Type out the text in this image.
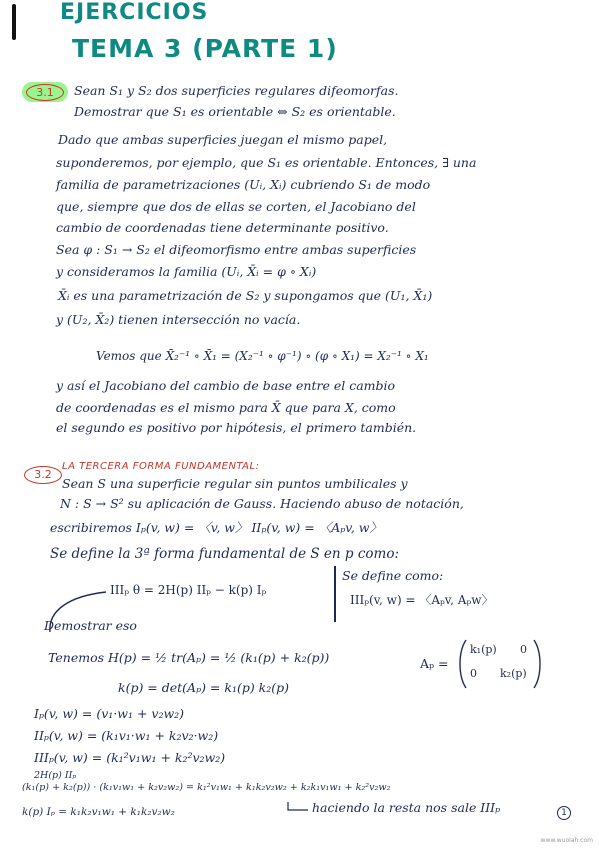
EJERCICIOS
TEMA 3 (PARTE 1)
3.1	Sean S₁ y S₂ dos superficies regulares difeomorfas.
Demostrar que S₁ es orientable ⇔ S₂ es orientable.
Dado que ambas superficies juegan el mismo papel,
suponderemos, por ejemplo, que S₁ es orientable. Entonces, ∃ una
familia de parametrizaciones (Uᵢ, Xᵢ) cubriendo S₁ de modo
que, siempre que dos de ellas se corten, el Jacobiano del
cambio de coordenadas tiene determinante positivo.
Sea φ : S₁ → S₂ el difeomorfismo entre ambas superficies
y consideramos la familia (Uᵢ, X̄ᵢ = φ ∘ Xᵢ)
X̄ᵢ es una parametrización de S₂ y supongamos que (U₁, X̄₁)
y (U₂, X̄₂) tienen intersección no vacía.
Vemos que X̄₂⁻¹ ∘ X̄₁ = (X₂⁻¹ ∘ φ⁻¹) ∘ (φ ∘ X₁) = X₂⁻¹ ∘ X₁
y así el Jacobiano del cambio de base entre el cambio
de coordenadas es el mismo para X̄ que para X, como
el segundo es positivo por hipótesis, el primero también.
3.2
LA TERCERA FORMA FUNDAMENTAL:
Sean S una superficie regular sin puntos umbilicales y
N : S → S² su aplicación de Gauss. Haciendo abuso de notación,
escribiremos Iₚ(v, w) = 〈v, w〉 IIₚ(v, w) = 〈Aₚv, w〉
Se define la 3ª forma fundamental de S en p como:
IIIₚ θ = 2H(p) IIₚ − k(p) Iₚ
Se define como:
IIIₚ(v, w) = 〈Aₚv, Aₚw〉
Demostrar eso
Tenemos H(p) = ½ tr(Aₚ) = ½ (k₁(p) + k₂(p))
k(p) = det(Aₚ) = k₁(p) k₂(p)
Iₚ(v, w) = (v₁·w₁ + v₂w₂)
IIₚ(v, w) = (k₁v₁·w₁ + k₂v₂·w₂)
IIIₚ(v, w) = (k₁²v₁w₁ + k₂²v₂w₂)
2H(p) IIₚ
(k₁(p) + k₂(p)) · (k₁v₁w₁ + k₂v₂w₂) = k₁²v₁w₁ + k₁k₂v₂w₂ + k₂k₁v₁w₁ + k₂²v₂w₂
k(p) Iₚ = k₁k₂v₁w₁ + k₁k₂v₂w₂	haciendo la resta nos sale IIIₚ
Aₚ =
k₁(p) 0
0 k₂(p)
1
www.wuolah.com
